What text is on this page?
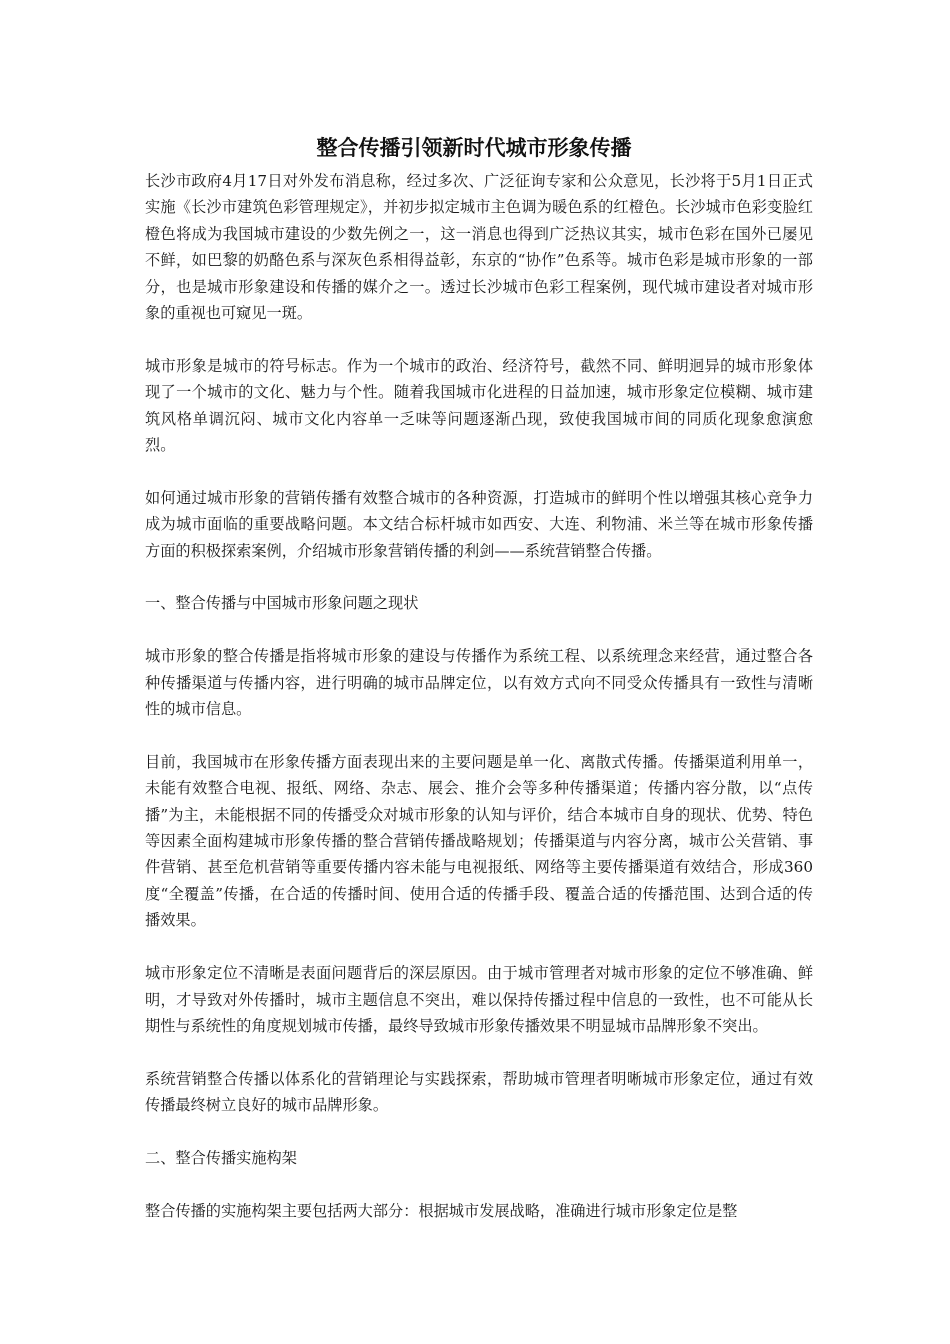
整合传播引领新时代城市形象传播

长沙市政府4月17日对外发布消息称，经过多次、广泛征询专家和公众意见，长沙将于5月1日正式实施《长沙市建筑色彩管理规定》，并初步拟定城市主色调为暖色系的红橙色。长沙城市色彩变脸红橙色将成为我国城市建设的少数先例之一，这一消息也得到广泛热议其实，城市色彩在国外已屡见不鲜，如巴黎的奶酪色系与深灰色系相得益彰，东京的“协作”色系等。城市色彩是城市形象的一部分，也是城市形象建设和传播的媒介之一。透过长沙城市色彩工程案例，现代城市建设者对城市形象的重视也可窥见一斑。

城市形象是城市的符号标志。作为一个城市的政治、经济符号，截然不同、鲜明迥异的城市形象体现了一个城市的文化、魅力与个性。随着我国城市化进程的日益加速，城市形象定位模糊、城市建筑风格单调沉闷、城市文化内容单一乏味等问题逐渐凸现，致使我国城市间的同质化现象愈演愈烈。

如何通过城市形象的营销传播有效整合城市的各种资源，打造城市的鲜明个性以增强其核心竞争力成为城市面临的重要战略问题。本文结合标杆城市如西安、大连、利物浦、米兰等在城市形象传播方面的积极探索案例，介绍城市形象营销传播的利剑——系统营销整合传播。

一、整合传播与中国城市形象问题之现状

城市形象的整合传播是指将城市形象的建设与传播作为系统工程、以系统理念来经营，通过整合各种传播渠道与传播内容，进行明确的城市品牌定位，以有效方式向不同受众传播具有一致性与清晰性的城市信息。

目前，我国城市在形象传播方面表现出来的主要问题是单一化、离散式传播。传播渠道利用单一，未能有效整合电视、报纸、网络、杂志、展会、推介会等多种传播渠道；传播内容分散，以“点传播”为主，未能根据不同的传播受众对城市形象的认知与评价，结合本城市自身的现状、优势、特色等因素全面构建城市形象传播的整合营销传播战略规划；传播渠道与内容分离，城市公关营销、事件营销、甚至危机营销等重要传播内容未能与电视报纸、网络等主要传播渠道有效结合，形成360度“全覆盖”传播，在合适的传播时间、使用合适的传播手段、覆盖合适的传播范围、达到合适的传播效果。

城市形象定位不清晰是表面问题背后的深层原因。由于城市管理者对城市形象的定位不够准确、鲜明，才导致对外传播时，城市主题信息不突出，难以保持传播过程中信息的一致性，也不可能从长期性与系统性的角度规划城市传播，最终导致城市形象传播效果不明显城市品牌形象不突出。

系统营销整合传播以体系化的营销理论与实践探索，帮助城市管理者明晰城市形象定位，通过有效传播最终树立良好的城市品牌形象。

二、整合传播实施构架

整合传播的实施构架主要包括两大部分：根据城市发展战略，准确进行城市形象定位是整
